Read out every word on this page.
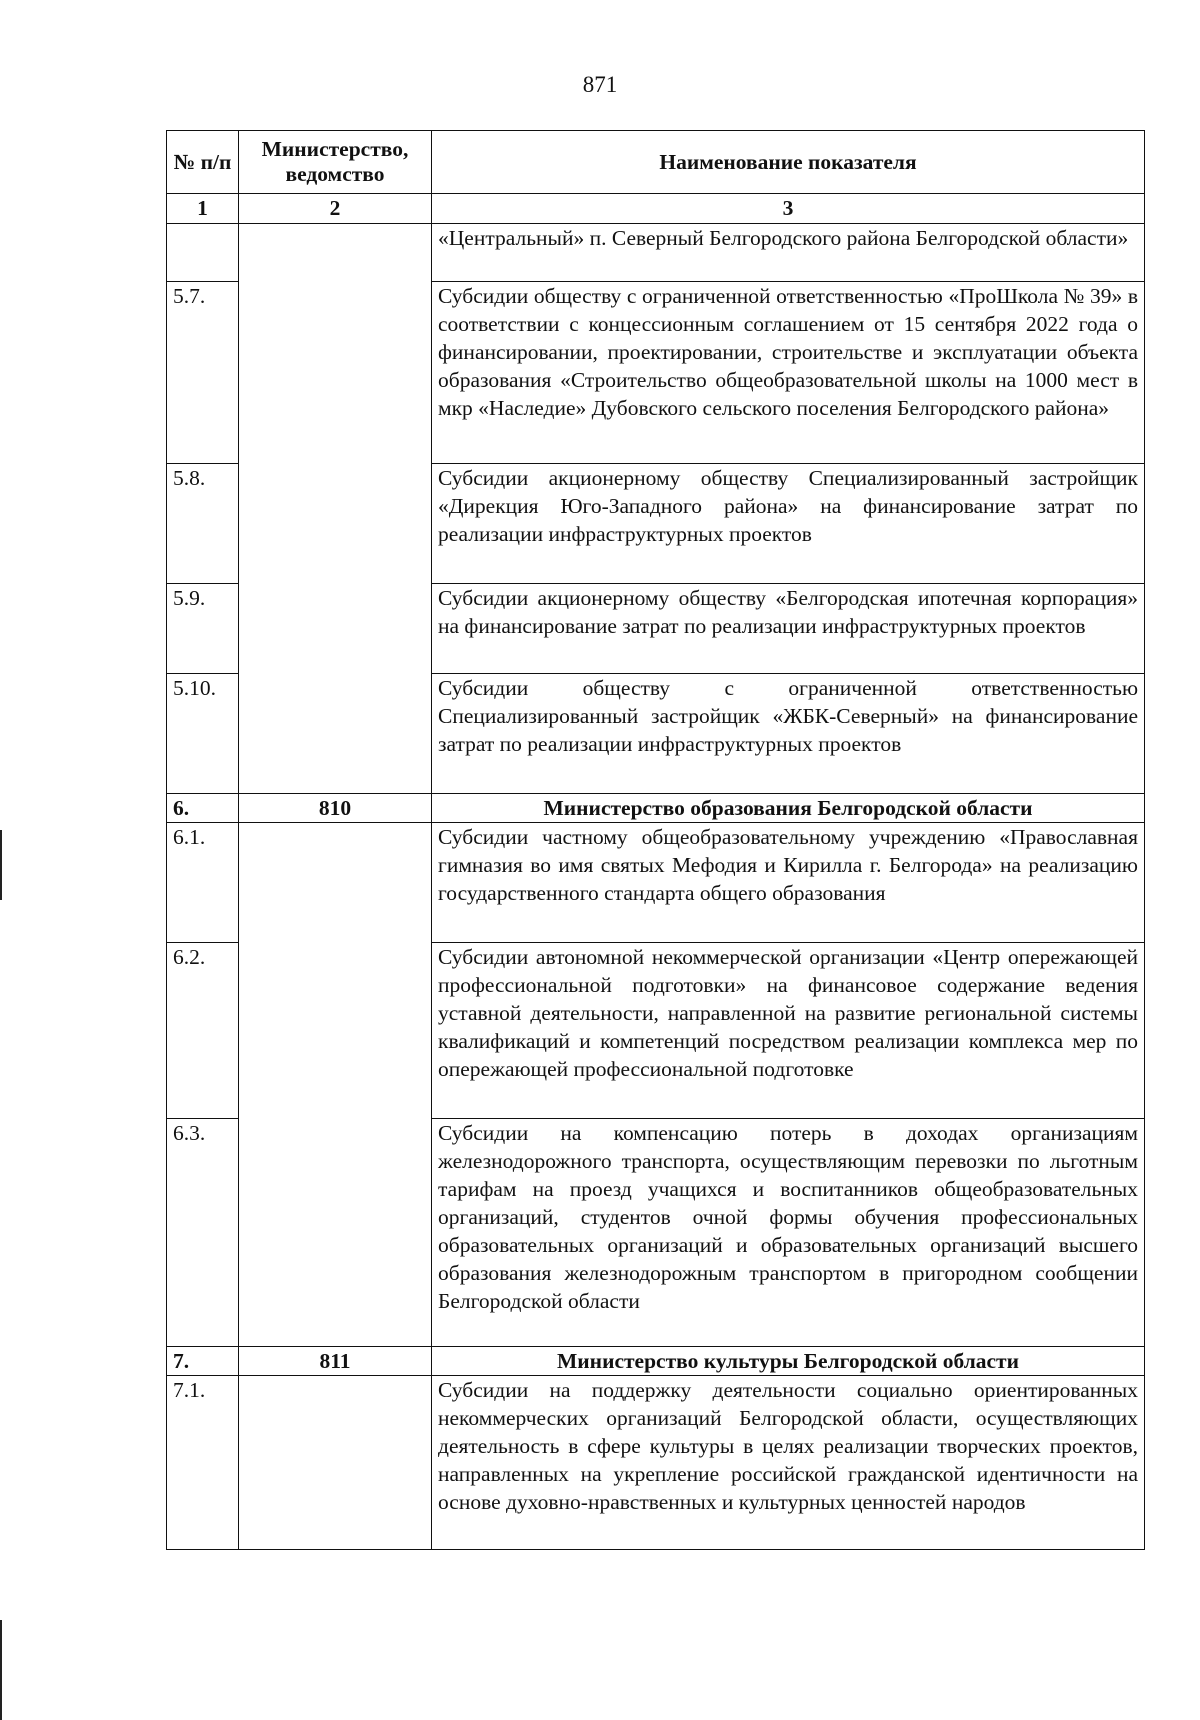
871
№ п/п	Министерство, ведомство	Наименование показателя
1	2	3
		«Центральный» п. Северный Белгородского района Белгородской области»
5.7.		Субсидии обществу с ограниченной ответственностью «ПроШкола № 39» в соответствии с концессионным соглашением от 15 сентября 2022 года о финансировании, проектировании, строительстве и эксплуатации объекта образования «Строительство общеобразовательной школы на 1000 мест в мкр «Наследие» Дубовского сельского поселения Белгородского района»
5.8.		Субсидии акционерному обществу Специализированный застройщик «Дирекция Юго-Западного района» на финансирование затрат по реализации инфраструктурных проектов
5.9.		Субсидии акционерному обществу «Белгородская ипотечная корпорация» на финансирование затрат по реализации инфраструктурных проектов
5.10.		Субсидии обществу с ограниченной ответственностью Специализированный застройщик «ЖБК-Северный» на финансирование затрат по реализации инфраструктурных проектов
6.	810	Министерство образования Белгородской области
6.1.		Субсидии частному общеобразовательному учреждению «Православная гимназия во имя святых Мефодия и Кирилла г. Белгорода» на реализацию государственного стандарта общего образования
6.2.		Субсидии автономной некоммерческой организации «Центр опережающей профессиональной подготовки» на финансовое содержание ведения уставной деятельности, направленной на развитие региональной системы квалификаций и компетенций посредством реализации комплекса мер по опережающей профессиональной подготовке
6.3.		Субсидии на компенсацию потерь в доходах организациям железнодорожного транспорта, осуществляющим перевозки по льготным тарифам на проезд учащихся и воспитанников общеобразовательных организаций, студентов очной формы обучения профессиональных образовательных организаций и образовательных организаций высшего образования железнодорожным транспортом в пригородном сообщении Белгородской области
7.	811	Министерство культуры Белгородской области
7.1.		Субсидии на поддержку деятельности социально ориентированных некоммерческих организаций Белгородской области, осуществляющих деятельность в сфере культуры в целях реализации творческих проектов, направленных на укрепление российской гражданской идентичности на основе духовно-нравственных и культурных ценностей народов
